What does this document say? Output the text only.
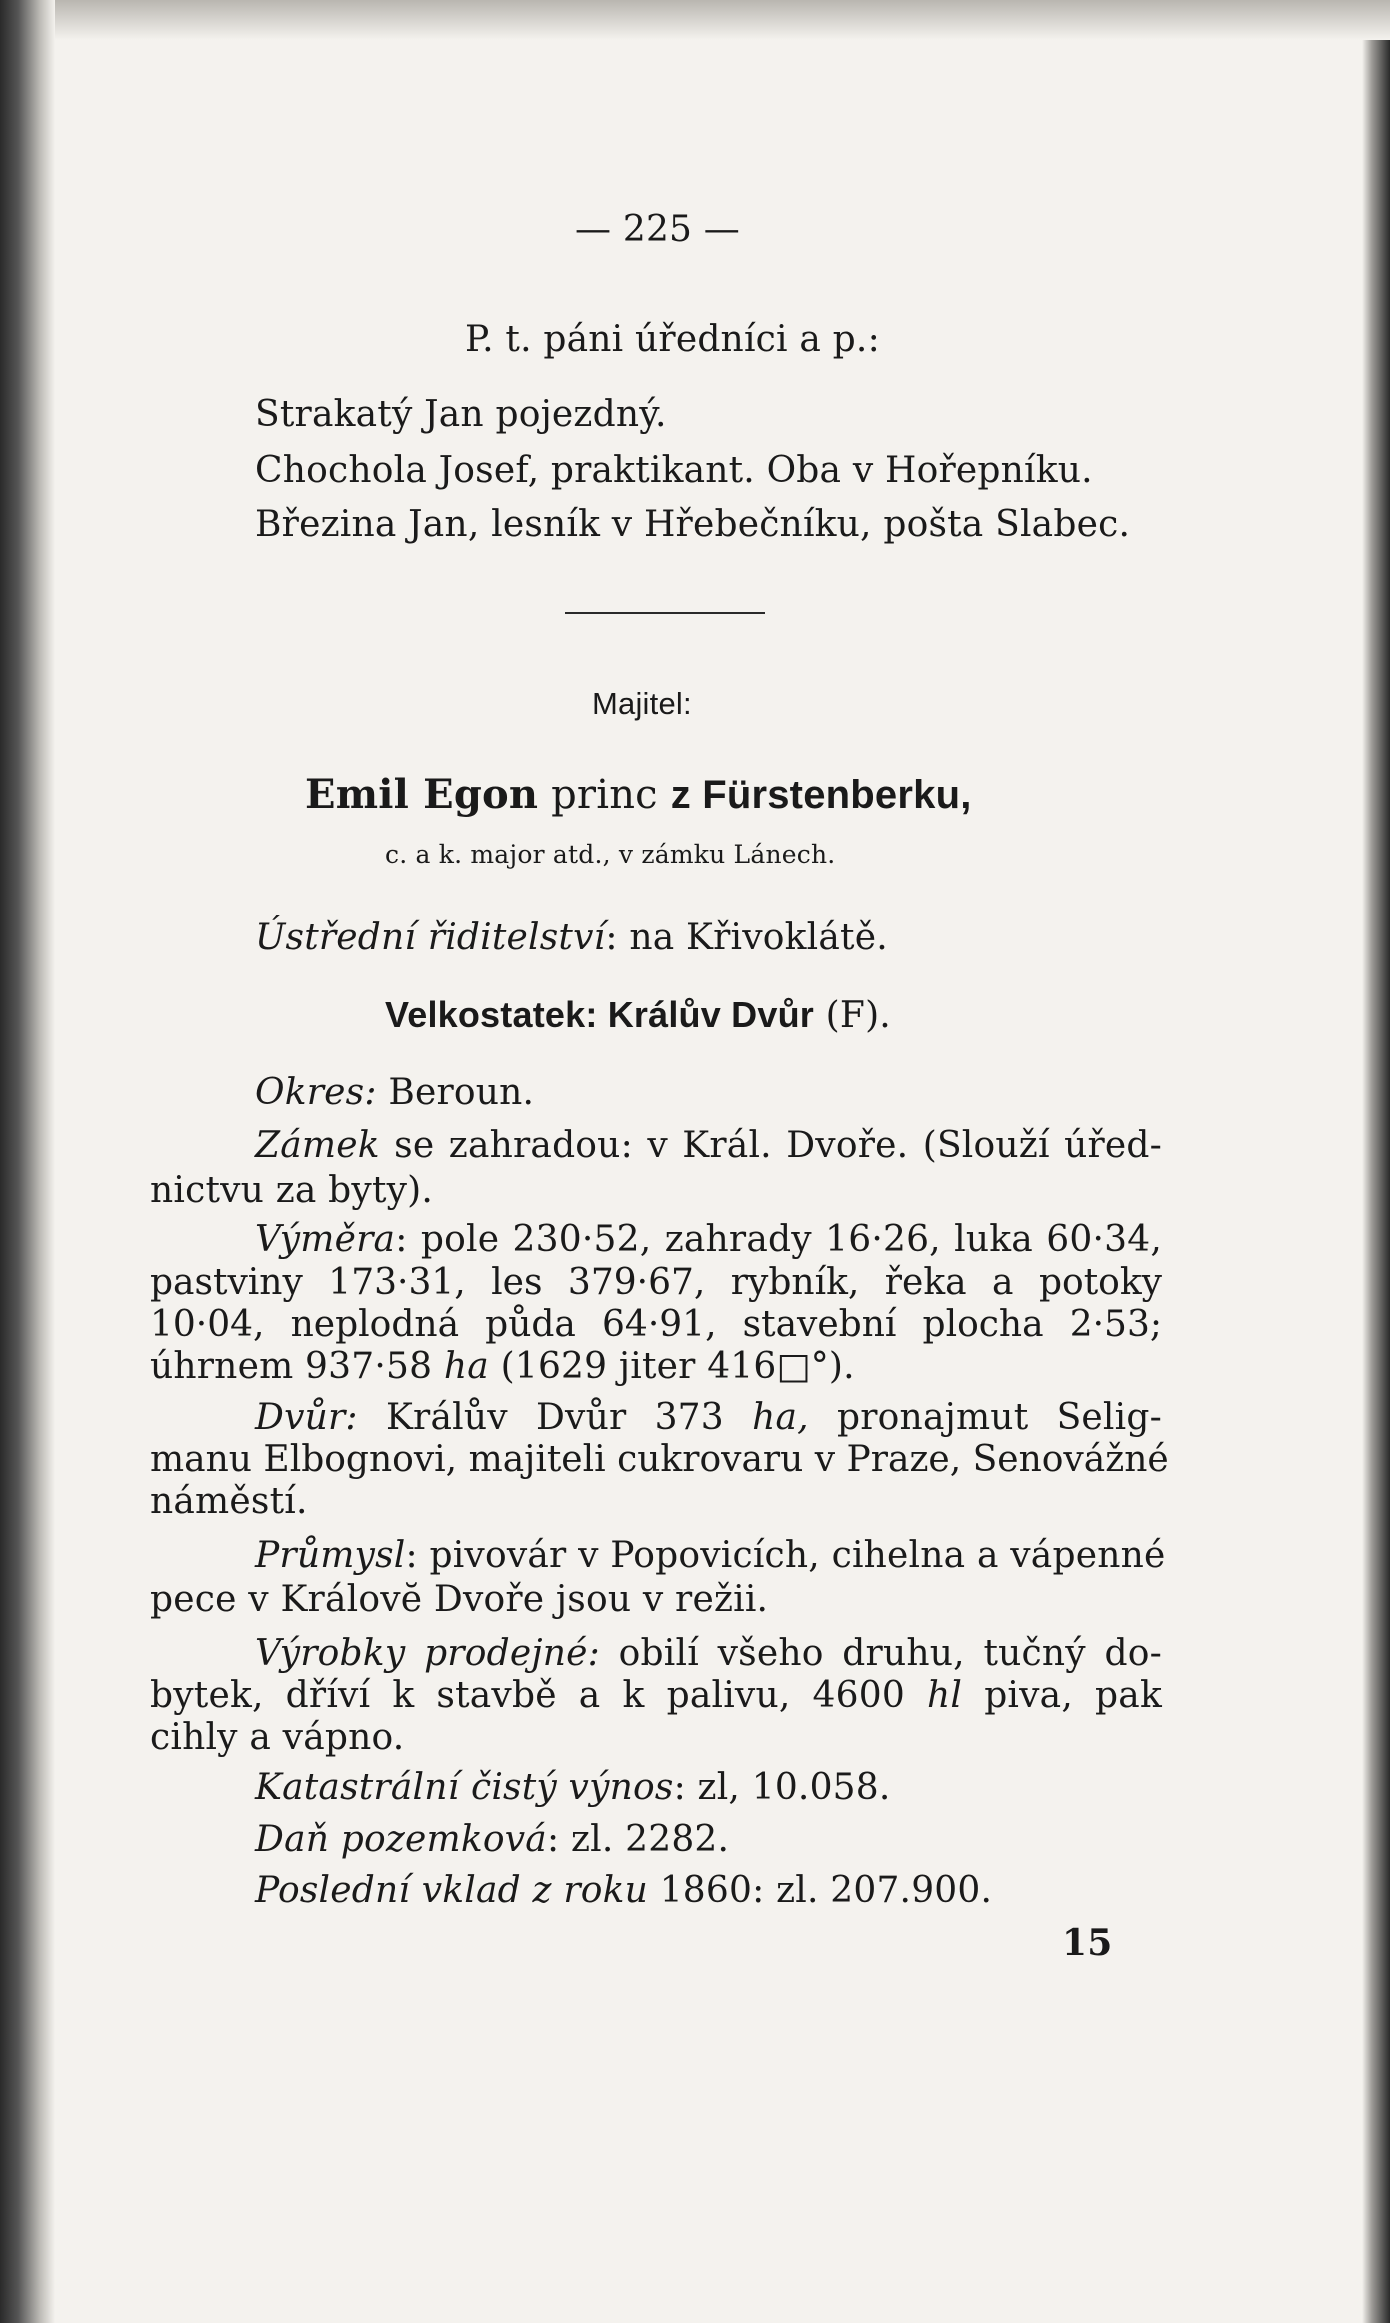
— 225 —
P. t. páni úředníci a p.:
Strakatý Jan pojezdný.
Chochola Josef, praktikant. Oba v Hořepníku.
Březina Jan, lesník v Hřebečníku, pošta Slabec.
Majitel:
Emil Egon princ z Fürstenberku,
c. a k. major atd., v zámku Lánech.
Ústřední řiditelství: na Křivoklátě.
Velkostatek: Králův Dvůr (F).
Okres: Beroun.
Zámek se zahradou: v Král. Dvoře. (Slouží úřed-
nictvu za byty).
Výměra: pole 230·52, zahrady 16·26, luka 60·34,
pastviny 173·31, les 379·67, rybník, řeka a potoky
10·04, neplodná půda 64·91, stavební plocha 2·53;
úhrnem 937·58 ha (1629 jiter 416□°).
Dvůr: Králův Dvůr 373 ha, pronajmut Selig-
manu Elbognovi, majiteli cukrovaru v Praze, Senovážné
náměstí.
Průmysl: pivovár v Popovicích, cihelna a vápenné
pece v Královĕ Dvoře jsou v režii.
Výrobky prodejné: obilí všeho druhu, tučný do-
bytek, dříví k stavbě a k palivu, 4600 hl piva, pak
cihly a vápno.
Katastrální čistý výnos: zl, 10.058.
Daň pozemková: zl. 2282.
Poslední vklad z roku 1860: zl. 207.900.
15
